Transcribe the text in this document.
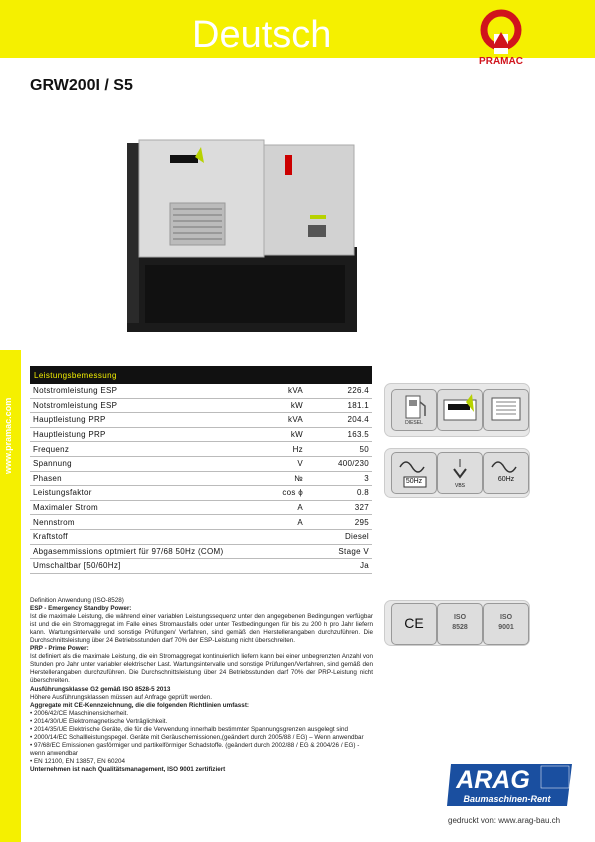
Deutsch
PRAMAC
GRW200I / S5
www.pramac.com
Leistungsbemessung		
Notstromleistung ESP	kVA	226.4
Notstromleistung ESP	kW	181.1
Hauptleistung PRP	kVA	204.4
Hauptleistung PRP	kW	163.5
Frequenz	Hz	50
Spannung	V	400/230
Phasen	№	3
Leistungsfaktor	cos ϕ	0.8
Maximaler Strom	A	327
Nennstrom	A	295
Kraftstoff		Diesel
Abgasemmissions optmiert für 97/68 50Hz (COM)		Stage V
Umschaltbar [50/60Hz]		Ja
DIESEL
50Hz
VBS
60Hz
CE	ISO
8528
ISO
9001

Definition Anwendung (ISO-8528)

ESP - Emergency Standby Power:

Ist die maximale Leistung, die während einer variablen Leistungssequenz unter den angegebenen Bedingungen verfügbar ist und die ein Stromaggregat im Falle eines Stromausfalls oder unter Testbedingungen für bis zu 200 h pro Jahr liefern kann. Wartungsintervalle und sonstige Prüfungen/ Verfahren, sind gemäß den Herstellerangaben durchzuführen. Die Durchschnittsleistung über 24 Betriebsstunden darf 70% der ESP-Leistung nicht überschreiten.

PRP - Prime Power:

Ist definiert als die maximale Leistung, die ein Stromaggregat kontinuierlich liefern kann bei einer unbegrenzten Anzahl von Stunden pro Jahr unter variabler elektrischer Last. Wartungsintervalle und sonstige Prüfungen/Verfahren, sind gemäß den Herstellerangaben durchzuführen. Die Durchschnittsleistung über 24 Betriebsstunden darf 70% der PRP-Leistung nicht überschreiten.

Ausführungsklasse G2 gemäß ISO 8528-5 2013

Höhere Ausführungsklassen müssen auf Anfrage geprüft werden.

Aggregate mit CE-Kennzeichnung, die die folgenden Richtlinien umfasst:

• 2006/42/CE Maschinensicherheit.

• 2014/30/UE Elektromagnetische Verträglichkeit.

• 2014/35/UE Elektrische Geräte, die für die Verwendung innerhalb bestimmter Spannungsgrenzen ausgelegt sind

• 2000/14/EC Schallleistungspegel. Geräte mit Geräuschemissionen,(geändert durch 2005/88 / EG) – Wenn anwendbar

• 97/68/EC Emissionen gasförmiger und partikelförmiger Schadstoffe. (geändert durch 2002/88 / EG & 2004/26 / EG) - wenn anwendbar

• EN 12100, EN 13857, EN 60204

Unternehmen ist nach Qualitätsmanagement, ISO 9001 zertifiziert	ARAG
Baumaschinen-Rent
gedruckt von: www.arag-bau.ch
